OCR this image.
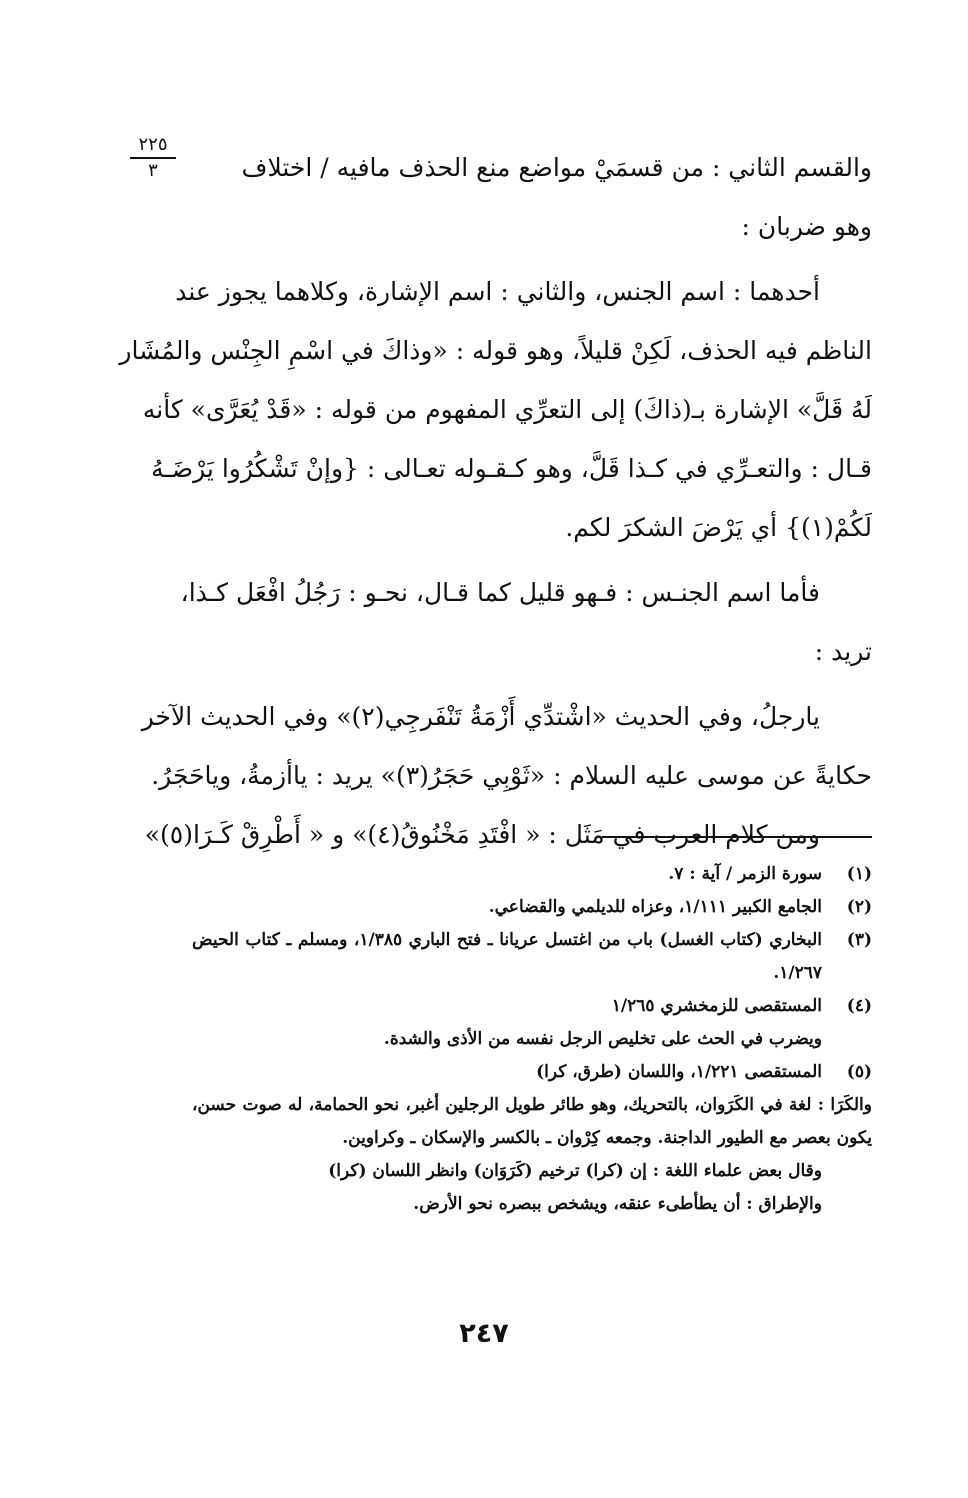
٢٢٥
٣	والقسم الثاني : من قسمَيْ مواضع منع الحذف مافيه / اختلاف
وهو ضربان :
أحدهما : اسم الجنس، والثاني : اسم الإشارة، وكلاهما يجوز عند
الناظم فيه الحذف، لَكِنْ قليلاً، وهو قوله : «وذاكَ في اسْمِ الجِنْس والمُشَار
لَهُ قَلَّ» الإشارة بـ(ذاكَ) إلى التعرِّي المفهوم من قوله : «قَدْ يُعَرَّى» كأنه
قـال : والتعـرِّي في كـذا قَلَّ، وهو كـقـوله تعـالى : {وإنْ تَشْكُرُوا يَرْضَـهُ
لَكُمْ(١)} أي يَرْضَ الشكرَ لكم.
فأما اسم الجنـس : فـهو قليل كما قـال، نحـو : رَجُلُ افْعَل كـذا،
تريد :
يارجلُ، وفي الحديث «اشْتدِّي أَزْمَةُ تَنْفَرجِي(٢)» وفي الحديث الآخر
حكايةً عن موسى عليه السلام : «ثَوْبِي حَجَرُ(٣)» يريد : ياأزمةُ، وياحَجَرُ.
ومن كلام العرب في مَثَل : « افْتَدِ مَخْنُوقُ(٤)» و « أَطْرِقْ كَـرَا(٥)»
(١)
سورة الزمر / آية : ٧.
(٢)
الجامع الكبير ١/١١١، وعزاه للديلمي والقضاعي.
(٣)
البخاري (كتاب الغسل) باب من اغتسل عريانا ـ فتح الباري ١/٣٨٥، ومسلم ـ كتاب الحيض ١/٢٦٧.
(٤)
المستقصى للزمخشري ١/٢٦٥
ويضرب في الحث على تخليص الرجل نفسه من الأذى والشدة.
(٥)
المستقصى ١/٢٢١، واللسان (طرق، كرا)
والكَرَا : لغة في الكَرَوان، بالتحريك، وهو طائر طويل الرجلين أغبر، نحو الحمامة، له صوت حسن، يكون بعصر مع الطيور الداجنة. وجمعه كِرْوان ـ بالكسر والإسكان ـ وكراوين.
وقال بعض علماء اللغة : إن (كرا) ترخيم (كَرَوَان) وانظر اللسان (كرا)
والإطراق : أن يطأطىء عنقه، ويشخص ببصره نحو الأرض.
٢٤٧
